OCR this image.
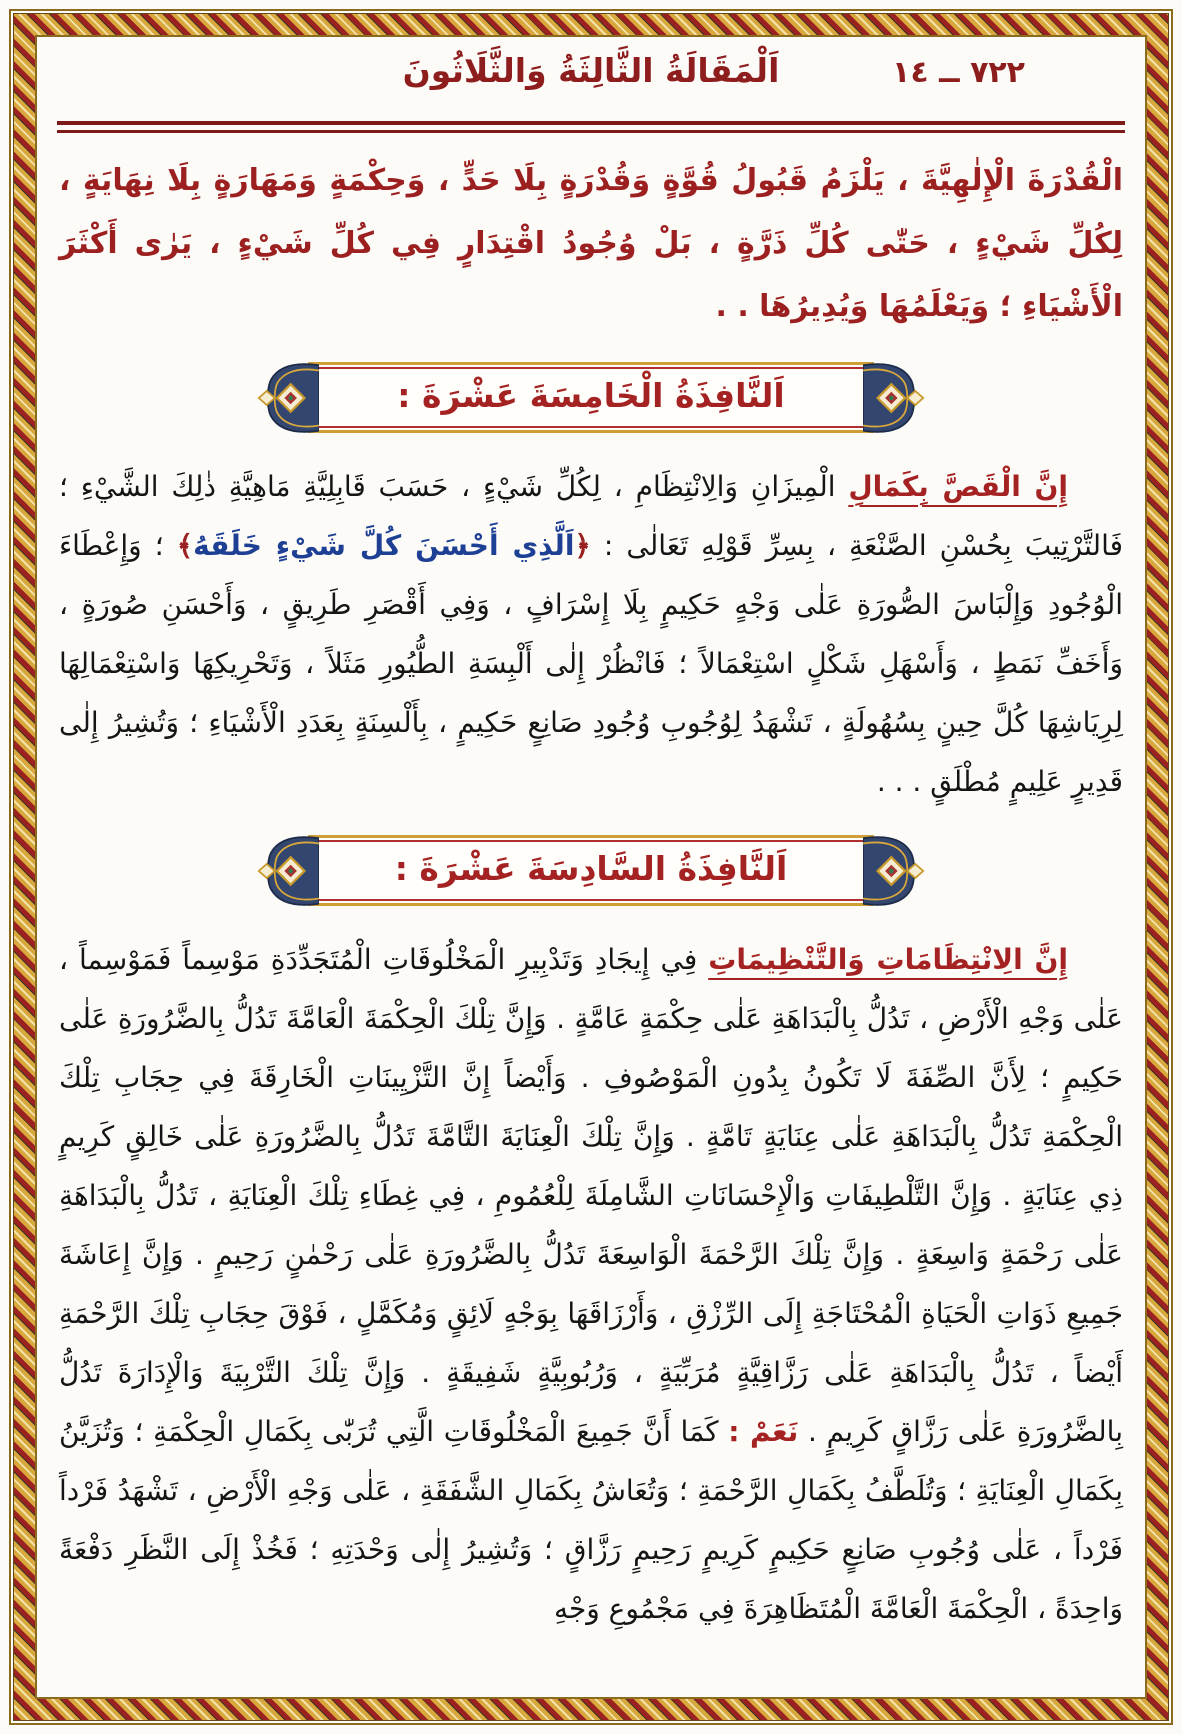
٧٢٢ ــ ١٤
اَلْمَقَالَةُ الثَّالِثَةُ وَالثَّلَاثُونَ

الْقُدْرَةَ الْإِلٰهِيَّةَ ، يَلْزَمُ قَبُولُ قُوَّةٍ وَقُدْرَةٍ بِلَا حَدٍّ ، وَحِكْمَةٍ وَمَهَارَةٍ بِلَا نِهَايَةٍ ، لِكُلِّ شَيْءٍ ، حَتّٰى كُلِّ ذَرَّةٍ ، بَلْ وُجُودُ اقْتِدَارٍ فِي كُلِّ شَيْءٍ ، يَرٰى أَكْثَرَ الْأَشْيَاءِ ؛ وَيَعْلَمُهَا وَيُدِيرُهَا . .

اَلنَّافِذَةُ الْخَامِسَةَ عَشْرَةَ :

إِنَّ الْقَصَّ بِكَمَالِ الْمِيزَانِ وَالِانْتِظَامِ ، لِكُلِّ شَيْءٍ ، حَسَبَ قَابِلِيَّةِ مَاهِيَّةِ ذٰلِكَ الشَّيْءِ ؛ فَالتَّرْتِيبَ بِحُسْنِ الصَّنْعَةِ ، بِسِرِّ قَوْلِهِ تَعَالٰى : ﴿اَلَّذِي أَحْسَنَ كُلَّ شَيْءٍ خَلَقَهُ﴾ ؛ وَإِعْطَاءَ الْوُجُودِ وَإِلْبَاسَ الصُّورَةِ عَلٰى وَجْهٍ حَكِيمٍ بِلَا إِسْرَافٍ ، وَفِي أَقْصَرِ طَرِيقٍ ، وَأَحْسَنِ صُورَةٍ ، وَأَخَفِّ نَمَطٍ ، وَأَسْهَلِ شَكْلٍ اسْتِعْمَالاً ؛ فَانْظُرْ إِلٰى أَلْبِسَةِ الطُّيُورِ مَثَلاً ، وَتَحْرِيكِهَا وَاسْتِعْمَالِهَا لِرِيَاشِهَا كُلَّ حِينٍ بِسُهُولَةٍ ، تَشْهَدُ لِوُجُوبِ وُجُودِ صَانِعٍ حَكِيمٍ ، بِأَلْسِنَةٍ بِعَدَدِ الْأَشْيَاءِ ؛ وَتُشِيرُ إِلٰى قَدِيرٍ عَلِيمٍ مُطْلَقٍ . . .

اَلنَّافِذَةُ السَّادِسَةَ عَشْرَةَ :

إِنَّ الِانْتِظَامَاتِ وَالتَّنْظِيمَاتِ فِي إِيجَادِ وَتَدْبِيرِ الْمَخْلُوقَاتِ الْمُتَجَدِّدَةِ مَوْسِماً فَمَوْسِماً ، عَلٰى وَجْهِ الْأَرْضِ ، تَدُلُّ بِالْبَدَاهَةِ عَلٰى حِكْمَةٍ عَامَّةٍ . وَإِنَّ تِلْكَ الْحِكْمَةَ الْعَامَّةَ تَدُلُّ بِالضَّرُورَةِ عَلٰى حَكِيمٍ ؛ لِأَنَّ الصِّفَةَ لَا تَكُونُ بِدُونِ الْمَوْصُوفِ . وَأَيْضاً إِنَّ التَّزْيِينَاتِ الْخَارِقَةَ فِي حِجَابِ تِلْكَ الْحِكْمَةِ تَدُلُّ بِالْبَدَاهَةِ عَلٰى عِنَايَةٍ تَامَّةٍ . وَإِنَّ تِلْكَ الْعِنَايَةَ التَّامَّةَ تَدُلُّ بِالضَّرُورَةِ عَلٰى خَالِقٍ كَرِيمٍ ذِي عِنَايَةٍ . وَإِنَّ التَّلْطِيفَاتِ وَالْإِحْسَانَاتِ الشَّامِلَةَ لِلْعُمُومِ ، فِي غِطَاءِ تِلْكَ الْعِنَايَةِ ، تَدُلُّ بِالْبَدَاهَةِ عَلٰى رَحْمَةٍ وَاسِعَةٍ . وَإِنَّ تِلْكَ الرَّحْمَةَ الْوَاسِعَةَ تَدُلُّ بِالضَّرُورَةِ عَلٰى رَحْمٰنٍ رَحِيمٍ . وَإِنَّ إِعَاشَةَ جَمِيعِ ذَوَاتِ الْحَيَاةِ الْمُحْتَاجَةِ إِلَى الرِّزْقِ ، وَأَرْزَاقَهَا بِوَجْهٍ لَائِقٍ وَمُكَمَّلٍ ، فَوْقَ حِجَابِ تِلْكَ الرَّحْمَةِ أَيْضاً ، تَدُلُّ بِالْبَدَاهَةِ عَلٰى رَزَّاقِيَّةٍ مُرَبِّيَةٍ ، وَرُبُوبِيَّةٍ شَفِيقَةٍ . وَإِنَّ تِلْكَ التَّرْبِيَةَ وَالْإِدَارَةَ تَدُلُّ بِالضَّرُورَةِ عَلٰى رَزَّاقٍ كَرِيمٍ . نَعَمْ : كَمَا أَنَّ جَمِيعَ الْمَخْلُوقَاتِ الَّتِي تُرَبّٰى بِكَمَالِ الْحِكْمَةِ ؛ وَتُزَيَّنُ بِكَمَالِ الْعِنَايَةِ ؛ وَتُلَطَّفُ بِكَمَالِ الرَّحْمَةِ ؛ وَتُعَاشُ بِكَمَالِ الشَّفَقَةِ ، عَلٰى وَجْهِ الْأَرْضِ ، تَشْهَدُ فَرْداً فَرْداً ، عَلٰى وُجُوبِ صَانِعٍ حَكِيمٍ كَرِيمٍ رَحِيمٍ رَزَّاقٍ ؛ وَتُشِيرُ إِلٰى وَحْدَتِهِ ؛ فَخُذْ إِلَى النَّظَرِ دَفْعَةً وَاحِدَةً ، الْحِكْمَةَ الْعَامَّةَ الْمُتَظَاهِرَةَ فِي مَجْمُوعِ وَجْهِ
